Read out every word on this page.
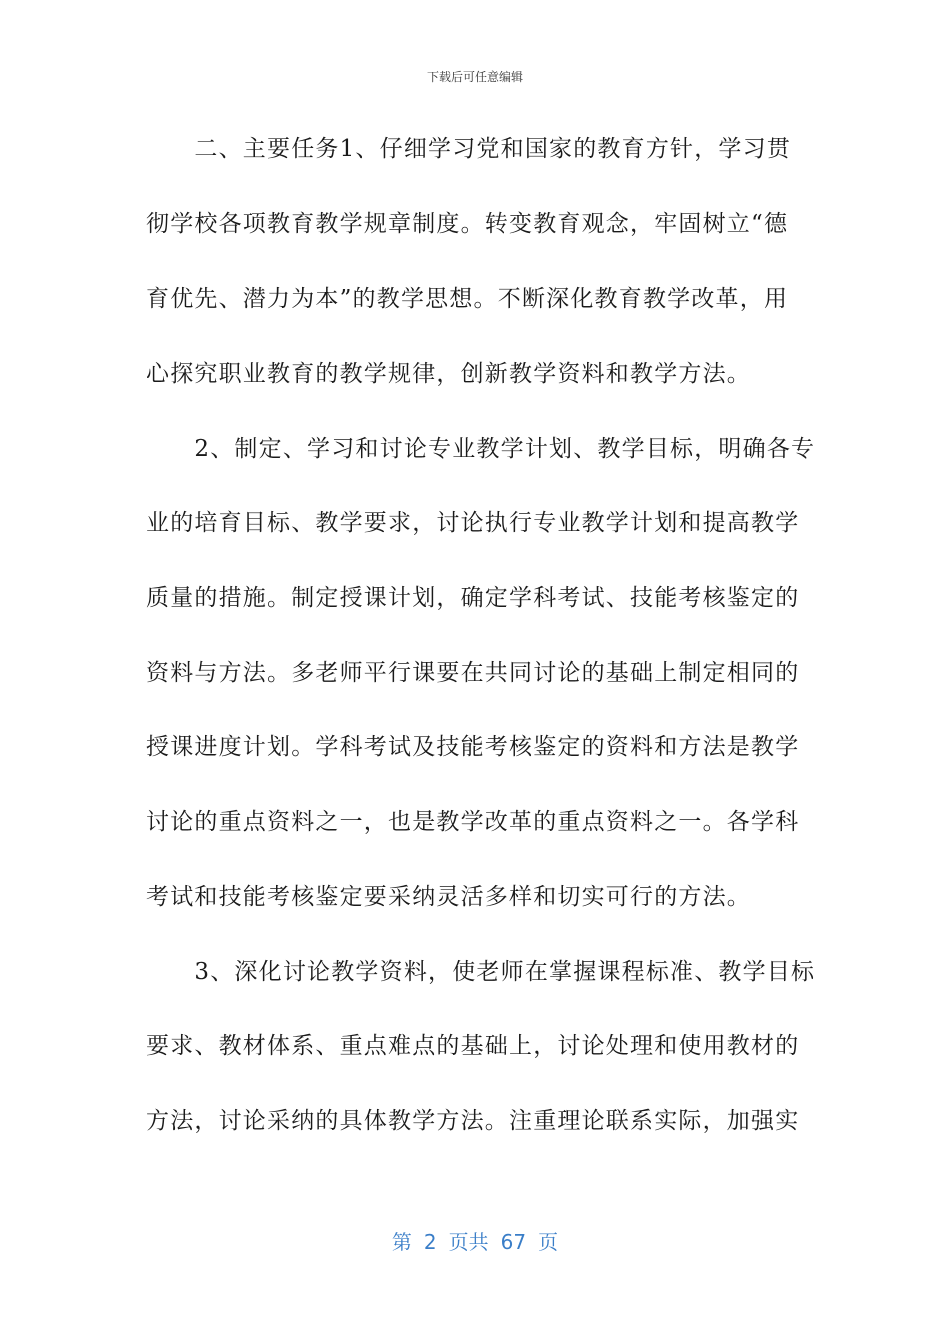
下载后可任意编辑
　　二、主要任务1、仔细学习党和国家的教育方针，学习贯
彻学校各项教育教学规章制度。转变教育观念，牢固树立“德
育优先、潜力为本”的教学思想。不断深化教育教学改革，用
心探究职业教育的教学规律，创新教学资料和教学方法。
　　2、制定、学习和讨论专业教学计划、教学目标，明确各专
业的培育目标、教学要求，讨论执行专业教学计划和提高教学
质量的措施。制定授课计划，确定学科考试、技能考核鉴定的
资料与方法。多老师平行课要在共同讨论的基础上制定相同的
授课进度计划。学科考试及技能考核鉴定的资料和方法是教学
讨论的重点资料之一，也是教学改革的重点资料之一。各学科
考试和技能考核鉴定要采纳灵活多样和切实可行的方法。
　　3、深化讨论教学资料，使老师在掌握课程标准、教学目标
要求、教材体系、重点难点的基础上，讨论处理和使用教材的
方法，讨论采纳的具体教学方法。注重理论联系实际，加强实
第 2 页共 67 页
